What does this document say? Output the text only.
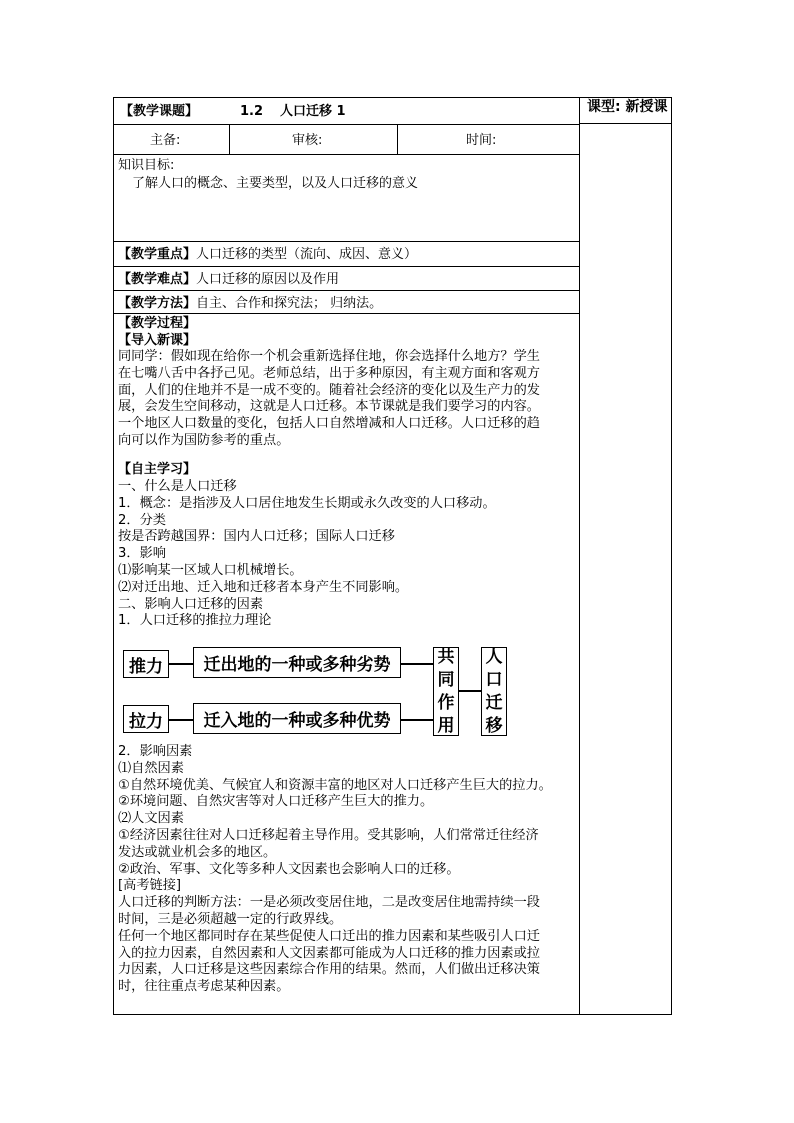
【教学课题】	1.2 人口迁移 1	课型: 新授课
主备:	审核:	时间:
知识目标:
了解人口的概念、主要类型，以及人口迁移的意义
【教学重点】人口迁移的类型（流向、成因、意义）
【教学难点】人口迁移的原因以及作用
【教学方法】自主、合作和探究法； 归纳法。
【教学过程】
【导入新课】
同同学：假如现在给你一个机会重新选择住地，你会选择什么地方？学生
在七嘴八舌中各抒己见。老师总结，出于多种原因，有主观方面和客观方
面，人们的住地并不是一成不变的。随着社会经济的变化以及生产力的发
展，会发生空间移动，这就是人口迁移。本节课就是我们要学习的内容。
一个地区人口数量的变化，包括人口自然增减和人口迁移。人口迁移的趋
向可以作为国防参考的重点。
【自主学习】
一、什么是人口迁移
1．概念：是指涉及人口居住地发生长期或永久改变的人口移动。
2．分类
按是否跨越国界：国内人口迁移；国际人口迁移
3．影响
⑴影响某一区域人口机械增长。
⑵对迁出地、迁入地和迁移者本身产生不同影响。
二、影响人口迁移的因素
1．人口迁移的推拉力理论
推力	迁出地的一种或多种劣势
拉力	迁入地的一种或多种优势
共
同
作
用
人
口
迁
移
2．影响因素
⑴自然因素
①自然环境优美、气候宜人和资源丰富的地区对人口迁移产生巨大的拉力。
②环境问题、自然灾害等对人口迁移产生巨大的推力。
⑵人文因素
①经济因素往往对人口迁移起着主导作用。受其影响，人们常常迁往经济
发达或就业机会多的地区。
②政治、军事、文化等多种人文因素也会影响人口的迁移。
[高考链接]
人口迁移的判断方法：一是必须改变居住地，二是改变居住地需持续一段
时间，三是必须超越一定的行政界线。
任何一个地区都同时存在某些促使人口迁出的推力因素和某些吸引人口迁
入的拉力因素，自然因素和人文因素都可能成为人口迁移的推力因素或拉
力因素，人口迁移是这些因素综合作用的结果。然而，人们做出迁移决策
时，往往重点考虑某种因素。
